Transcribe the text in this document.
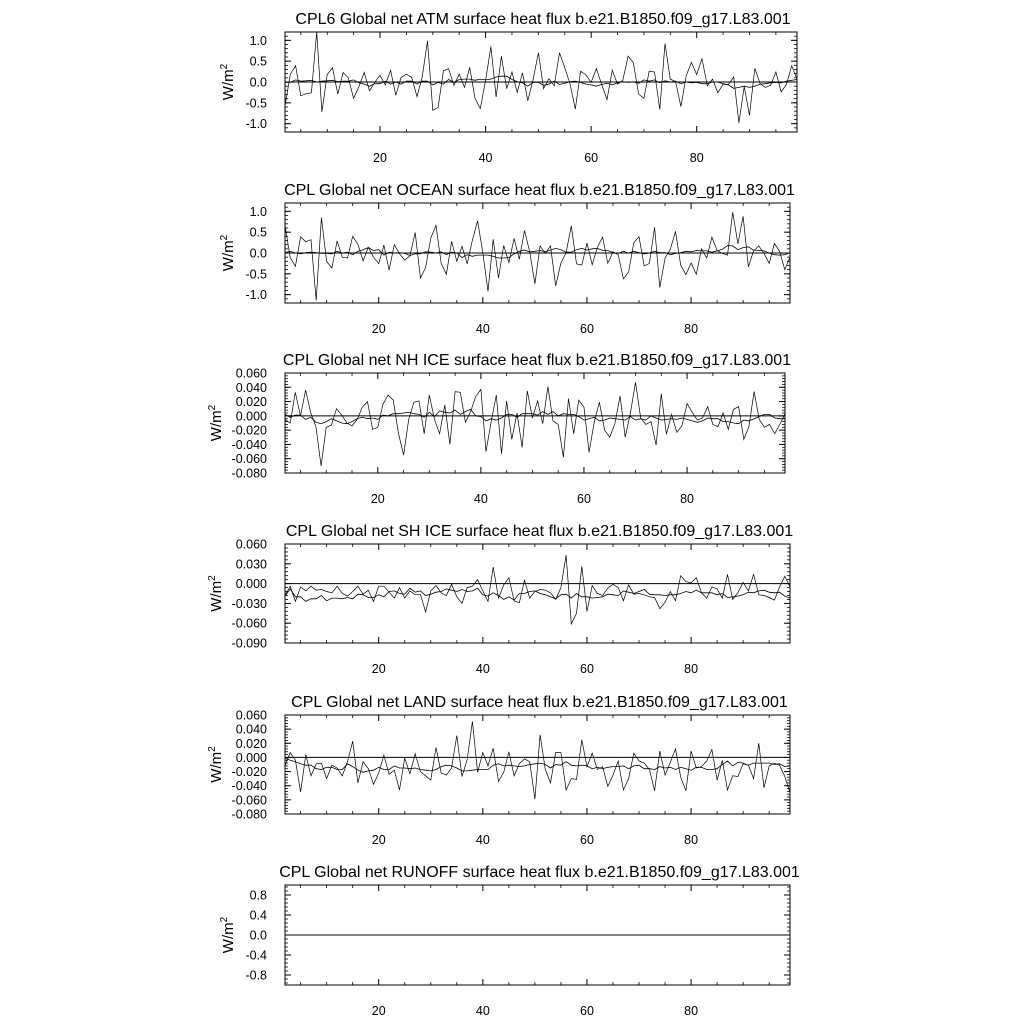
CPL6 Global net ATM surface heat flux b.e21.B1850.f09_g17.L83.001
-1.0
-0.5
0.0
0.5
1.0
20	40	60	80
$W/m^2$
CPL Global net OCEAN surface heat flux b.e21.B1850.f09_g17.L83.001
-1.0
-0.5
0.0
0.5
1.0
20	40	60	80
$W/m^2$
CPL Global net NH ICE surface heat flux b.e21.B1850.f09_g17.L83.001
-0.080
-0.060
-0.040
-0.020
0.000
0.020
0.040
0.060
20	40	60	80
$W/m^2$
CPL Global net SH ICE surface heat flux b.e21.B1850.f09_g17.L83.001
-0.090
-0.060
-0.030
0.000
0.030
0.060
20	40	60	80
$W/m^2$
CPL Global net LAND surface heat flux b.e21.B1850.f09_g17.L83.001
-0.080
-0.060
-0.040
-0.020
0.000
0.020
0.040
0.060
20	40	60	80
$W/m^2$
CPL Global net RUNOFF surface heat flux b.e21.B1850.f09_g17.L83.001
-0.8
-0.4
0.0
0.4
0.8
20	40	60	80
$W/m^2$
